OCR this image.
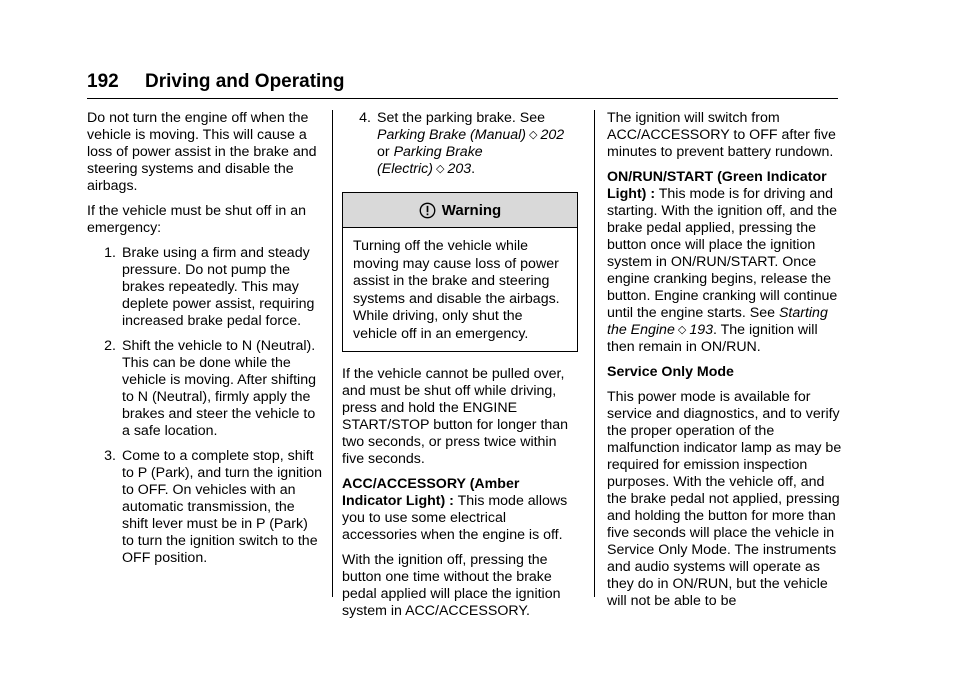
192 Driving and Operating

Do not turn the engine off when the vehicle is moving. This will cause a loss of power assist in the brake and steering systems and disable the airbags.

If the vehicle must be shut off in an emergency:

1. Brake using a firm and steady pressure. Do not pump the brakes repeatedly. This may deplete power assist, requiring increased brake pedal force.
2. Shift the vehicle to N (Neutral). This can be done while the vehicle is moving. After shifting to N (Neutral), firmly apply the brakes and steer the vehicle to a safe location.
3. Come to a complete stop, shift to P (Park), and turn the ignition to OFF. On vehicles with an automatic transmission, the shift lever must be in P (Park) to turn the ignition switch to the OFF position.
4. Set the parking brake. See
Parking Brake (Manual) ◇ 202
or Parking Brake (Electric) ◇ 203.
Warning
Turning off the vehicle while moving may cause loss of power assist in the brake and steering systems and disable the airbags. While driving, only shut the vehicle off in an emergency.

If the vehicle cannot be pulled over, and must be shut off while driving, press and hold the ENGINE START/STOP button for longer than two seconds, or press twice within five seconds.

ACC/ACCESSORY (Amber Indicator Light) : This mode allows you to use some electrical accessories when the engine is off.

With the ignition off, pressing the button one time without the brake pedal applied will place the ignition system in ACC/ACCESSORY.

The ignition will switch from ACC/ACCESSORY to OFF after five minutes to prevent battery rundown.

ON/RUN/START (Green Indicator Light) : This mode is for driving and starting. With the ignition off, and the brake pedal applied, pressing the button once will place the ignition system in ON/RUN/START. Once engine cranking begins, release the button. Engine cranking will continue until the engine starts. See Starting the Engine ◇ 193. The ignition will then remain in ON/RUN.

Service Only Mode

This power mode is available for service and diagnostics, and to verify the proper operation of the malfunction indicator lamp as may be required for emission inspection purposes. With the vehicle off, and the brake pedal not applied, pressing and holding the button for more than five seconds will place the vehicle in Service Only Mode. The instruments and audio systems will operate as they do in ON/RUN, but the vehicle will not be able to be
